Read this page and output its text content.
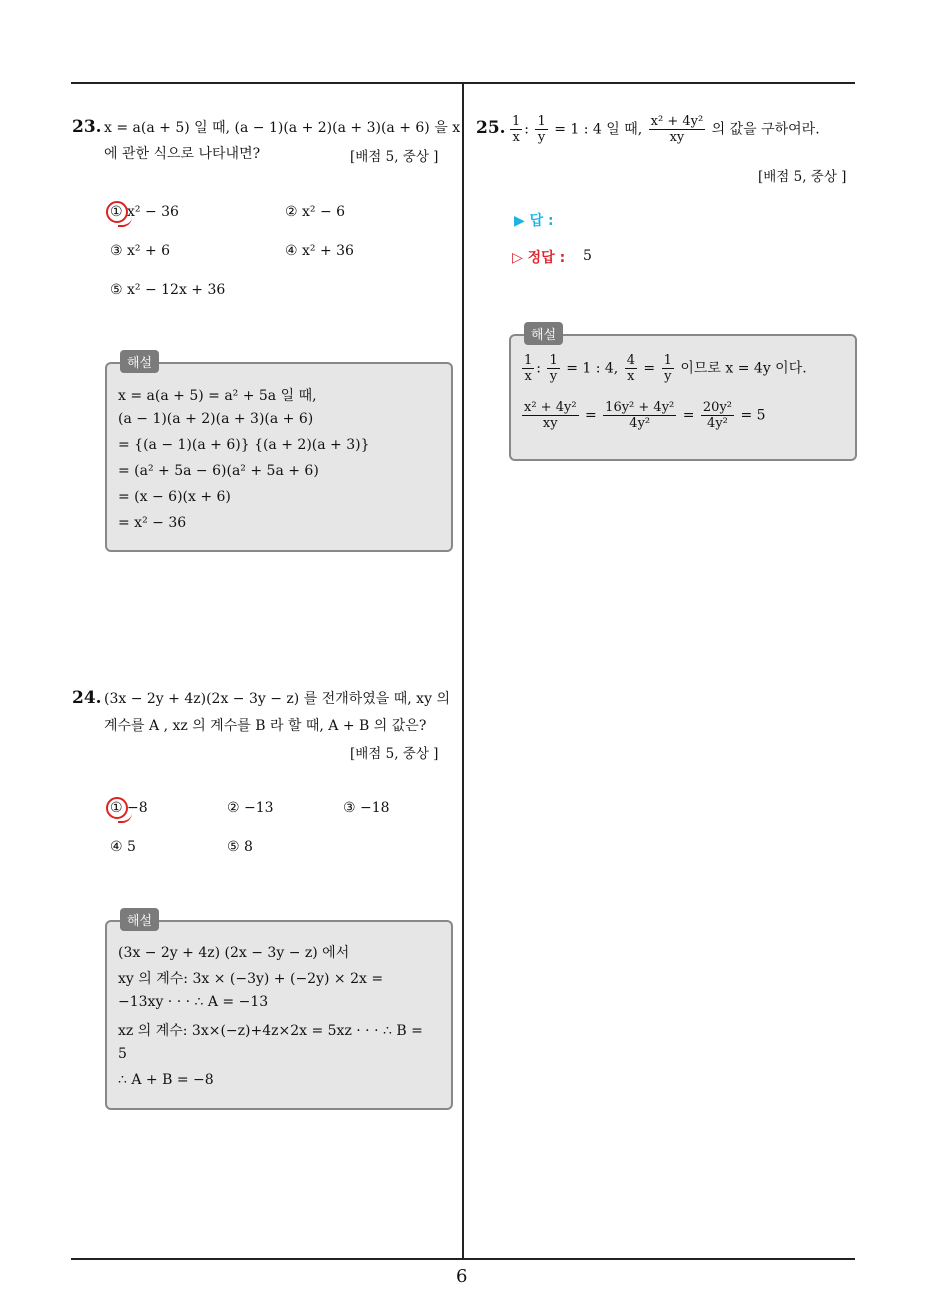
23. x = a(a + 5) 일 때, (a − 1)(a + 2)(a + 3)(a + 6) 을 x
에 관한 식으로 나타내면?	[배점 5, 중상 ]
① x² − 36	② x² − 6
③ x² + 6	④ x² + 36
⑤ x² − 12x + 36
해설
x = a(a + 5) = a² + 5a 일 때,
(a − 1)(a + 2)(a + 3)(a + 6)
= {(a − 1)(a + 6)} {(a + 2)(a + 3)}
= (a² + 5a − 6)(a² + 5a + 6)
= (x − 6)(x + 6)
= x² − 36
24. (3x − 2y + 4z)(2x − 3y − z) 를 전개하였을 때, xy 의
계수를 A , xz 의 계수를 B 라 할 때, A + B 의 값은?
[배점 5, 중상 ]
① −8	② −13	③ −18
④ 5	⑤ 8
해설
(3x − 2y + 4z) (2x − 3y − z) 에서
xy 의 계수: 3x × (−3y) + (−2y) × 2x =
−13xy · · · ∴ A = −13
xz 의 계수: 3x×(−z)+4z×2x = 5xz · · · ∴ B =
5
∴ A + B = −8
25. $\frac{1}{x}$ : $\frac{1}{y} = 1$ : 4 일 때, $\frac{\text{x² + 4y²}}{xy}$ 의 값을 구하여라.
[배점 5, 중상 ]
▶ 답 :
▷ 정답 : 5
해설
$\frac{1}{x}$ : $\frac{1}{y} = 1$ : 4, $\frac{4}{x} = \frac{1}{y}$ 이므로 x = 4y 이다.
$\frac{\text{x² + 4y²}}{xy} = \frac{\text{16y² + 4y²}}{\text{4y²}} = \frac{\text{20y²}}{\text{4y²}} = 5$
6
